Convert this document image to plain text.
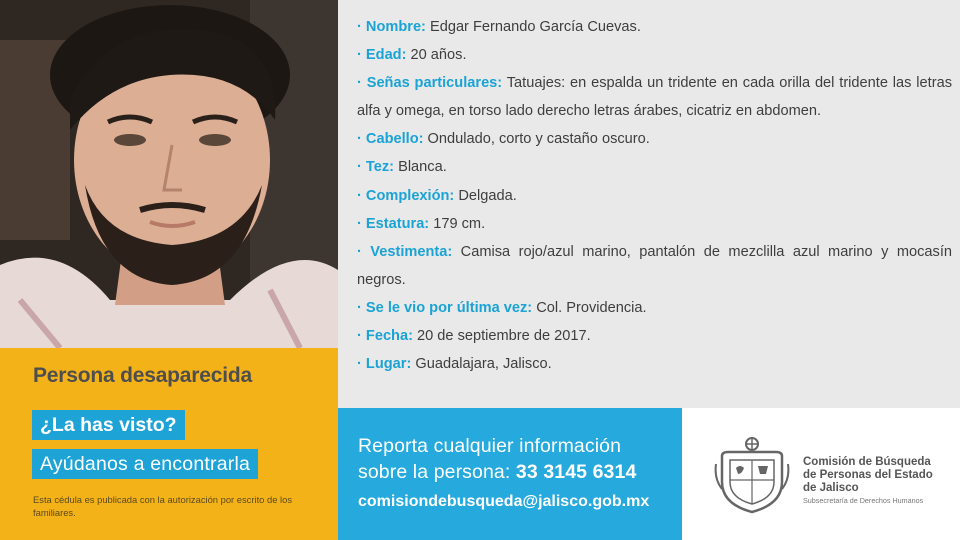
· Nombre: Edgar Fernando García Cuevas.
· Edad: 20 años.
· Señas particulares: Tatuajes: en espalda un tridente en cada orilla del tridente las letras alfa y omega, en torso lado derecho letras árabes, cicatriz en abdomen.
· Cabello: Ondulado, corto y castaño oscuro.
· Tez: Blanca.
· Complexión: Delgada.
· Estatura: 179 cm.
· Vestimenta: Camisa rojo/azul marino, pantalón de mezclilla azul marino y mocasín negros.
· Se le vio por última vez: Col. Providencia.
· Fecha: 20 de septiembre de 2017.
· Lugar: Guadalajara, Jalisco.
Persona desaparecida
¿La has visto?
Ayúdanos a encontrarla
Esta cédula es publicada con la autorización por escrito de los familiares.
Reporta cualquier información
sobre la persona: 33 3145 6314
comisiondebusqueda@jalisco.gob.mx
Comisión de Búsqueda
de Personas del Estado
de Jalisco
Subsecretaría de Derechos Humanos
